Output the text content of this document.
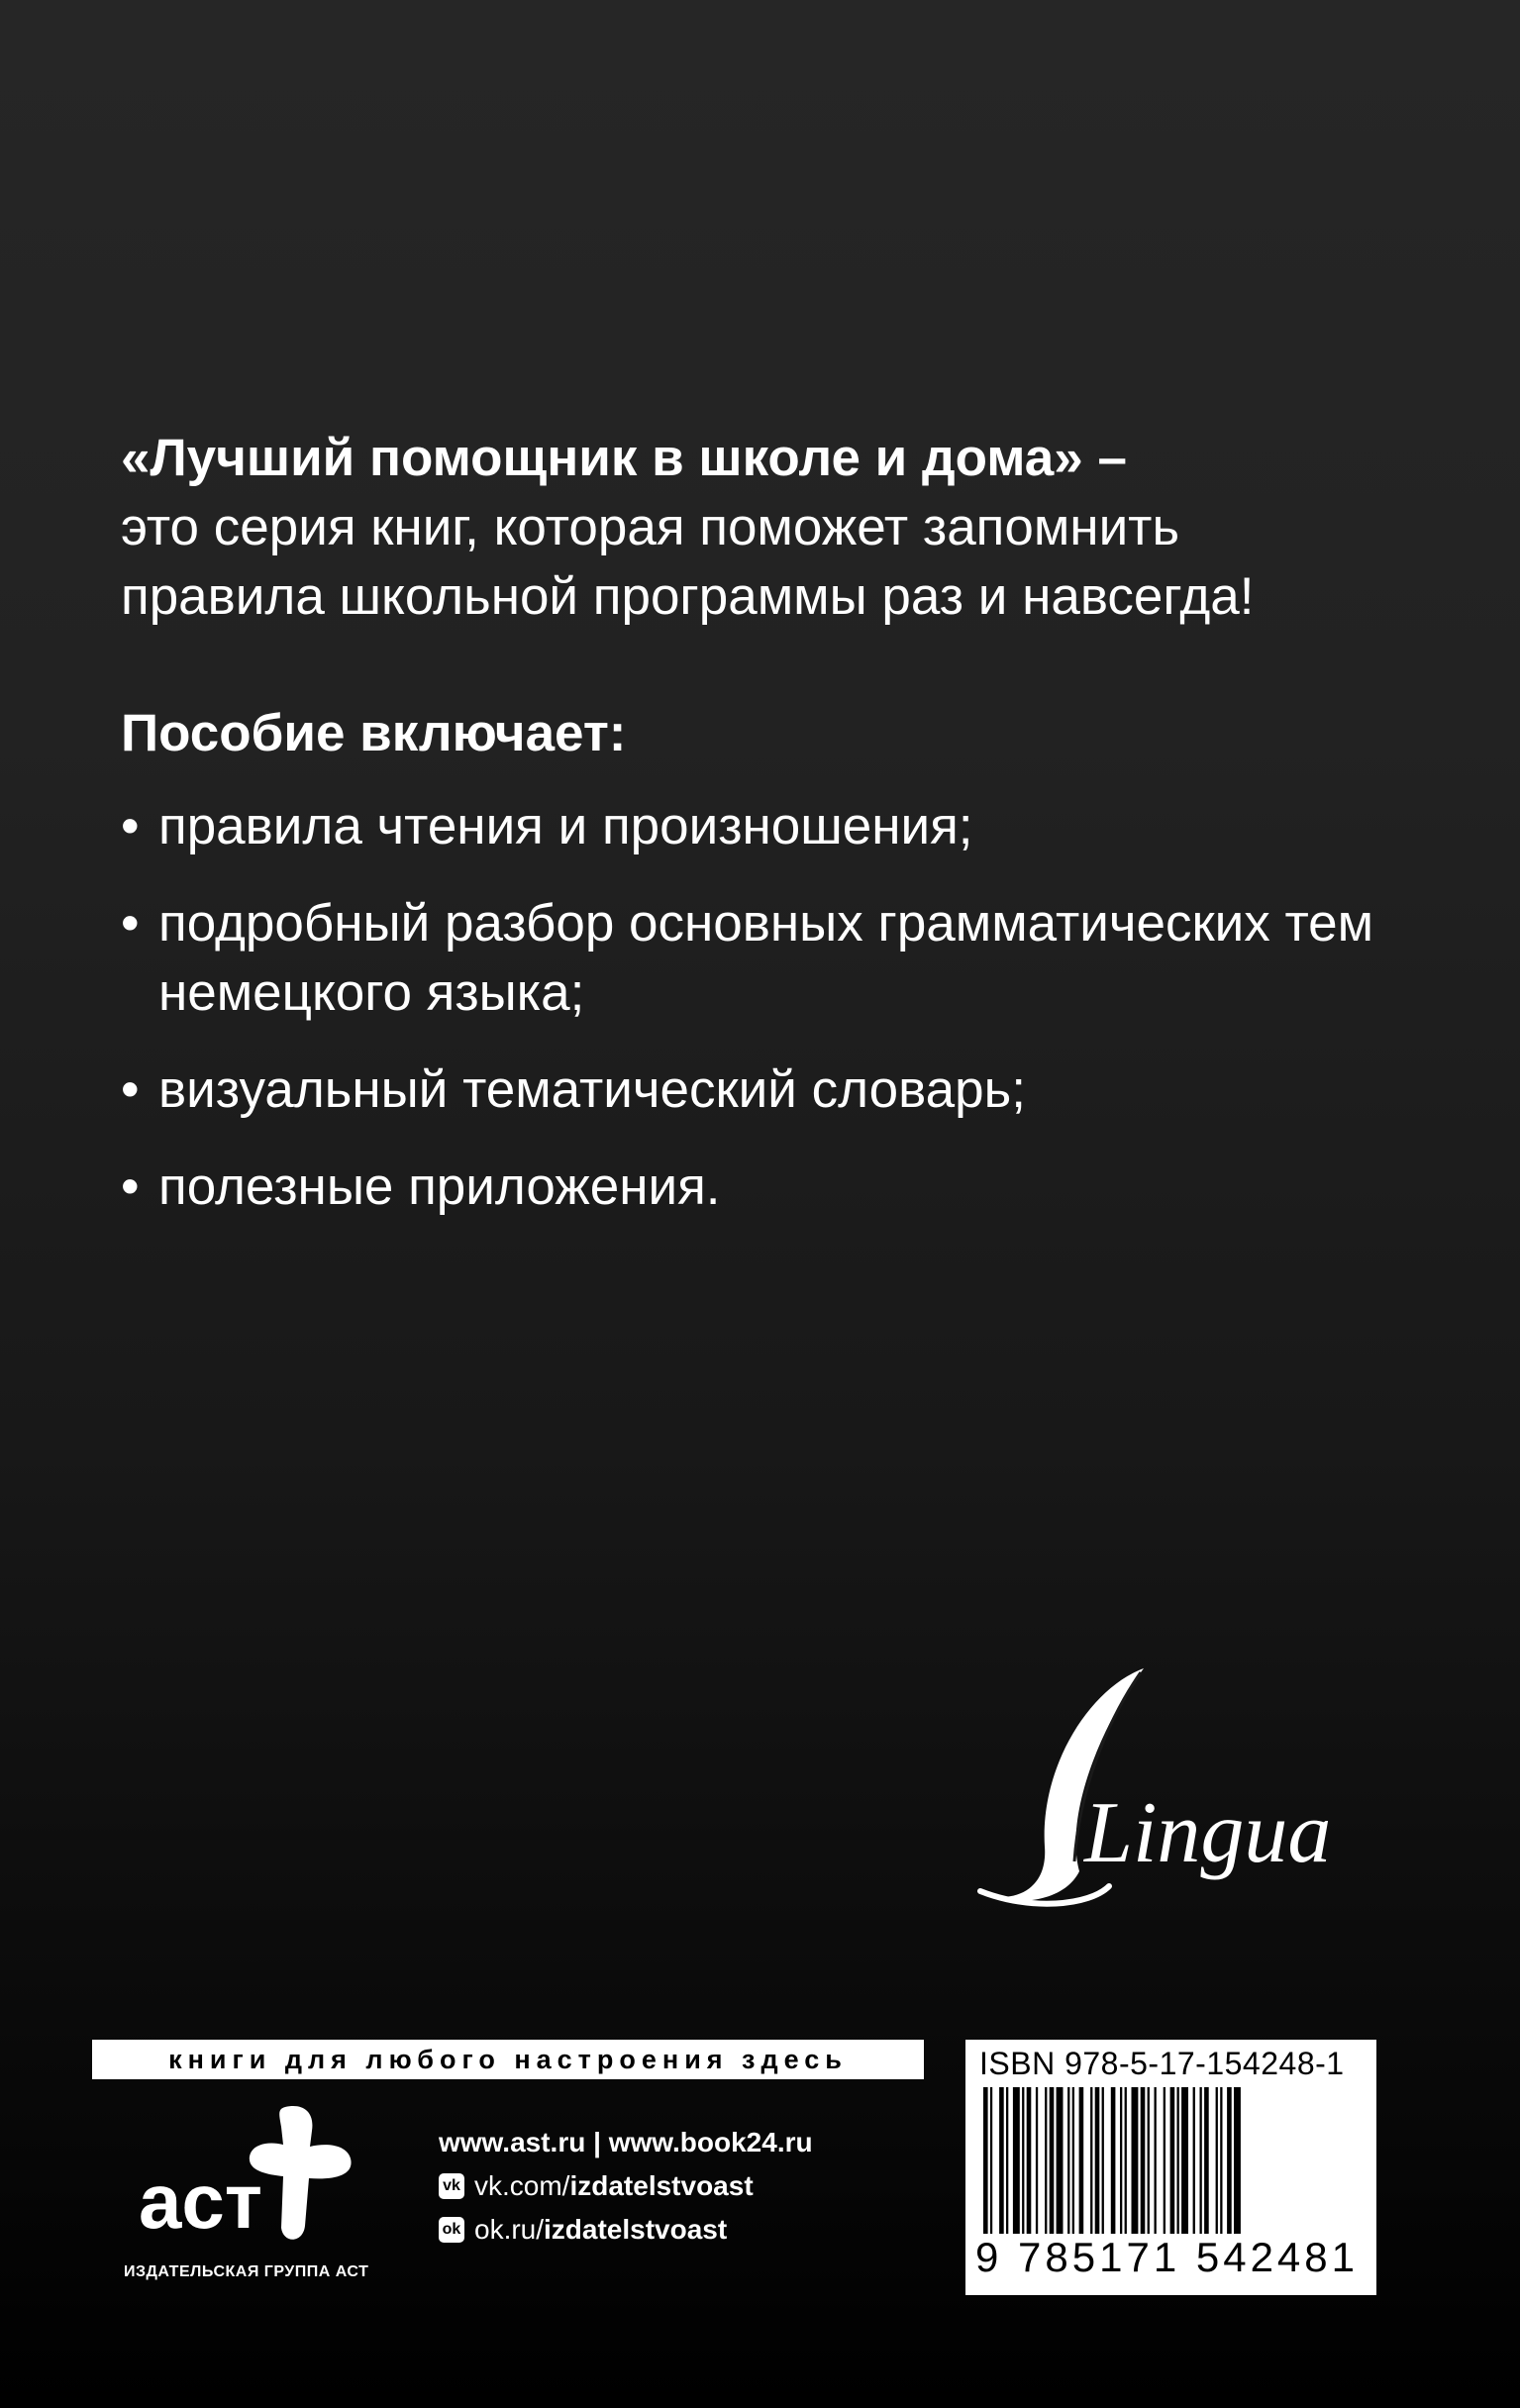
«Лучший помощник в школе и дома» –
это серия книг, которая поможет запомнить
правила школьной программы раз и навсегда!
Пособие включает:
• правила чтения и произношения;
• подробный разбор основных грамматических тем немецкого языка;
• визуальный тематический словарь;
• полезные приложения.
Lingua
книги для любого настроения здесь
аст
ИЗДАТЕЛЬСКАЯ ГРУППА АСТ
www.ast.ru | www.book24.ru
vk vk.com/ izdatelstvoast
ok ok.ru/ izdatelstvoast
ISBN 978-5-17-154248-1
9 785171 542481
